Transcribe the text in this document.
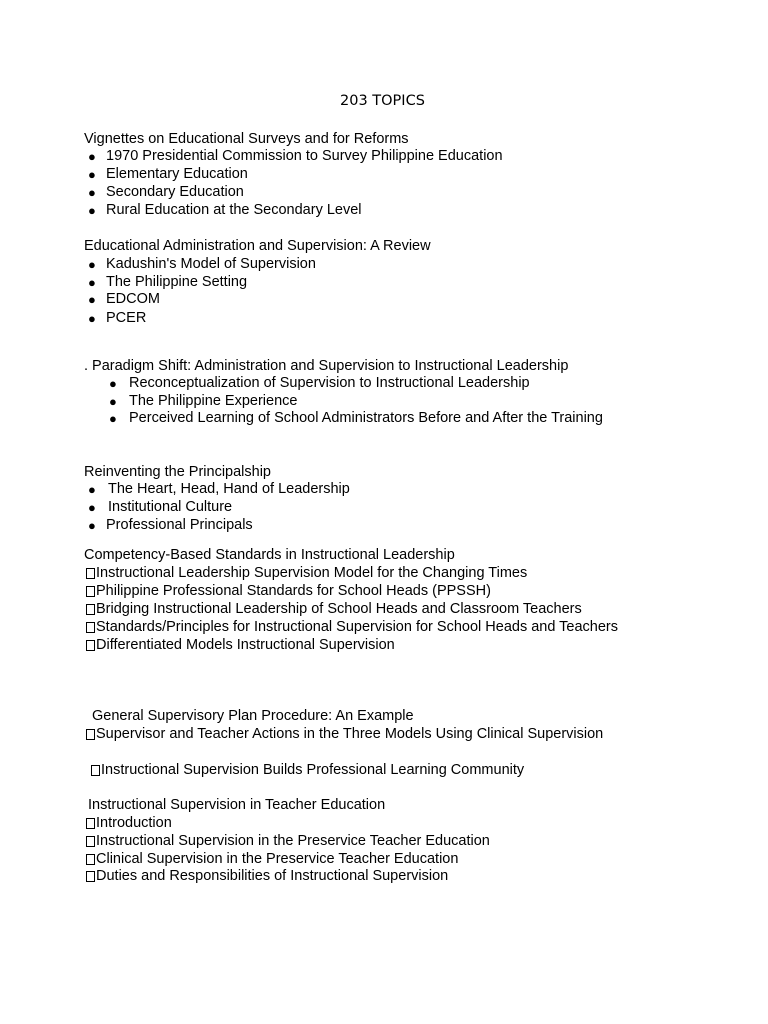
203 TOPICS
Vignettes on Educational Surveys and for Reforms
● 1970 Presidential Commission to Survey Philippine Education
● Elementary Education
● Secondary Education
● Rural Education at the Secondary Level
Educational Administration and Supervision: A Review
● Kadushin's Model of Supervision
● The Philippine Setting
● EDCOM
● PCER
. Paradigm Shift: Administration and Supervision to Instructional Leadership
● Reconceptualization of Supervision to Instructional Leadership
● The Philippine Experience
● Perceived Learning of School Administrators Before and After the Training
Reinventing the Principalship
● The Heart, Head, Hand of Leadership
● Institutional Culture
● Professional Principals
Competency-Based Standards in Instructional Leadership
Instructional Leadership Supervision Model for the Changing Times
Philippine Professional Standards for School Heads (PPSSH)
Bridging Instructional Leadership of School Heads and Classroom Teachers
Standards/Principles for Instructional Supervision for School Heads and Teachers
Differentiated Models Instructional Supervision
General Supervisory Plan Procedure: An Example
Supervisor and Teacher Actions in the Three Models Using Clinical Supervision
Instructional Supervision Builds Professional Learning Community
Instructional Supervision in Teacher Education
Introduction
Instructional Supervision in the Preservice Teacher Education
Clinical Supervision in the Preservice Teacher Education
Duties and Responsibilities of Instructional Supervision
